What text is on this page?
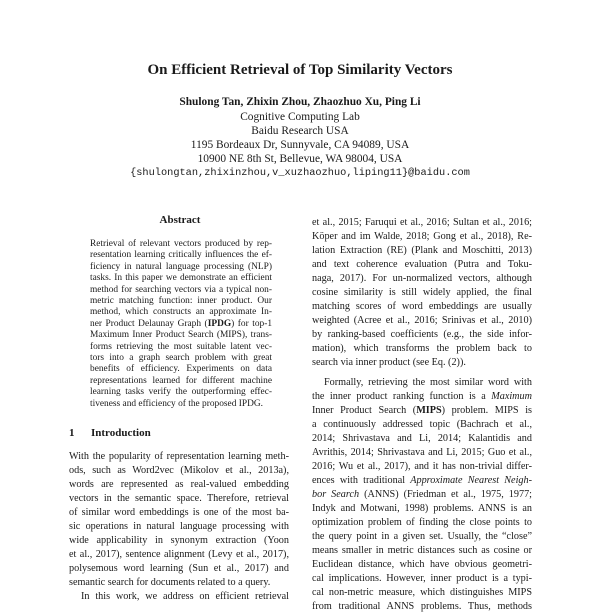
On Efficient Retrieval of Top Similarity Vectors
Shulong Tan, Zhixin Zhou, Zhaozhuo Xu, Ping Li
Cognitive Computing Lab
Baidu Research USA
1195 Bordeaux Dr, Sunnyvale, CA 94089, USA
10900 NE 8th St, Bellevue, WA 98004, USA
{shulongtan,zhixinzhou,v_xuzhaozhuo,liping11}@baidu.com
Abstract
Retrieval of relevant vectors produced by rep-
resentation learning critically influences the ef-
ficiency in natural language processing (NLP)
tasks. In this paper we demonstrate an efficient
method for searching vectors via a typical non-
metric matching function: inner product. Our
method, which constructs an approximate In-
ner Product Delaunay Graph (IPDG) for top-1
Maximum Inner Product Search (MIPS), trans-
forms retrieving the most suitable latent vec-
tors into a graph search problem with great
benefits of efficiency. Experiments on data
representations learned for different machine
learning tasks verify the outperforming effec-
tiveness and efficiency of the proposed IPDG.
1 Introduction
With the popularity of representation learning meth-
ods, such as Word2vec (Mikolov et al., 2013a),
words are represented as real-valued embedding
vectors in the semantic space. Therefore, retrieval
of similar word embeddings is one of the most ba-
sic operations in natural language processing with
wide applicability in synonym extraction (Yoon
et al., 2017), sentence alignment (Levy et al., 2017),
polysemous word learning (Sun et al., 2017) and
semantic search for documents related to a query.
In this work, we address on efficient retrieval
et al., 2015; Faruqui et al., 2016; Sultan et al., 2016;
Köper and im Walde, 2018; Gong et al., 2018), Re-
lation Extraction (RE) (Plank and Moschitti, 2013)
and text coherence evaluation (Putra and Toku-
naga, 2017). For un-normalized vectors, although
cosine similarity is still widely applied, the final
matching scores of word embeddings are usually
weighted (Acree et al., 2016; Srinivas et al., 2010)
by ranking-based coefficients (e.g., the side infor-
mation), which transforms the problem back to
search via inner product (see Eq. (2)).
Formally, retrieving the most similar word with
the inner product ranking function is a Maximum
Inner Product Search (MIPS) problem. MIPS is
a continuously addressed topic (Bachrach et al.,
2014; Shrivastava and Li, 2014; Kalantidis and
Avrithis, 2014; Shrivastava and Li, 2015; Guo et al.,
2016; Wu et al., 2017), and it has non-trivial differ-
ences with traditional Approximate Nearest Neigh-
bor Search (ANNS) (Friedman et al., 1975, 1977;
Indyk and Motwani, 1998) problems. ANNS is an
optimization problem of finding the close points to
the query point in a given set. Usually, the “close”
means smaller in metric distances such as cosine or
Euclidean distance, which have obvious geometri-
cal implications. However, inner product is a typi-
cal non-metric measure, which distinguishes MIPS
from traditional ANNS problems. Thus, methods
